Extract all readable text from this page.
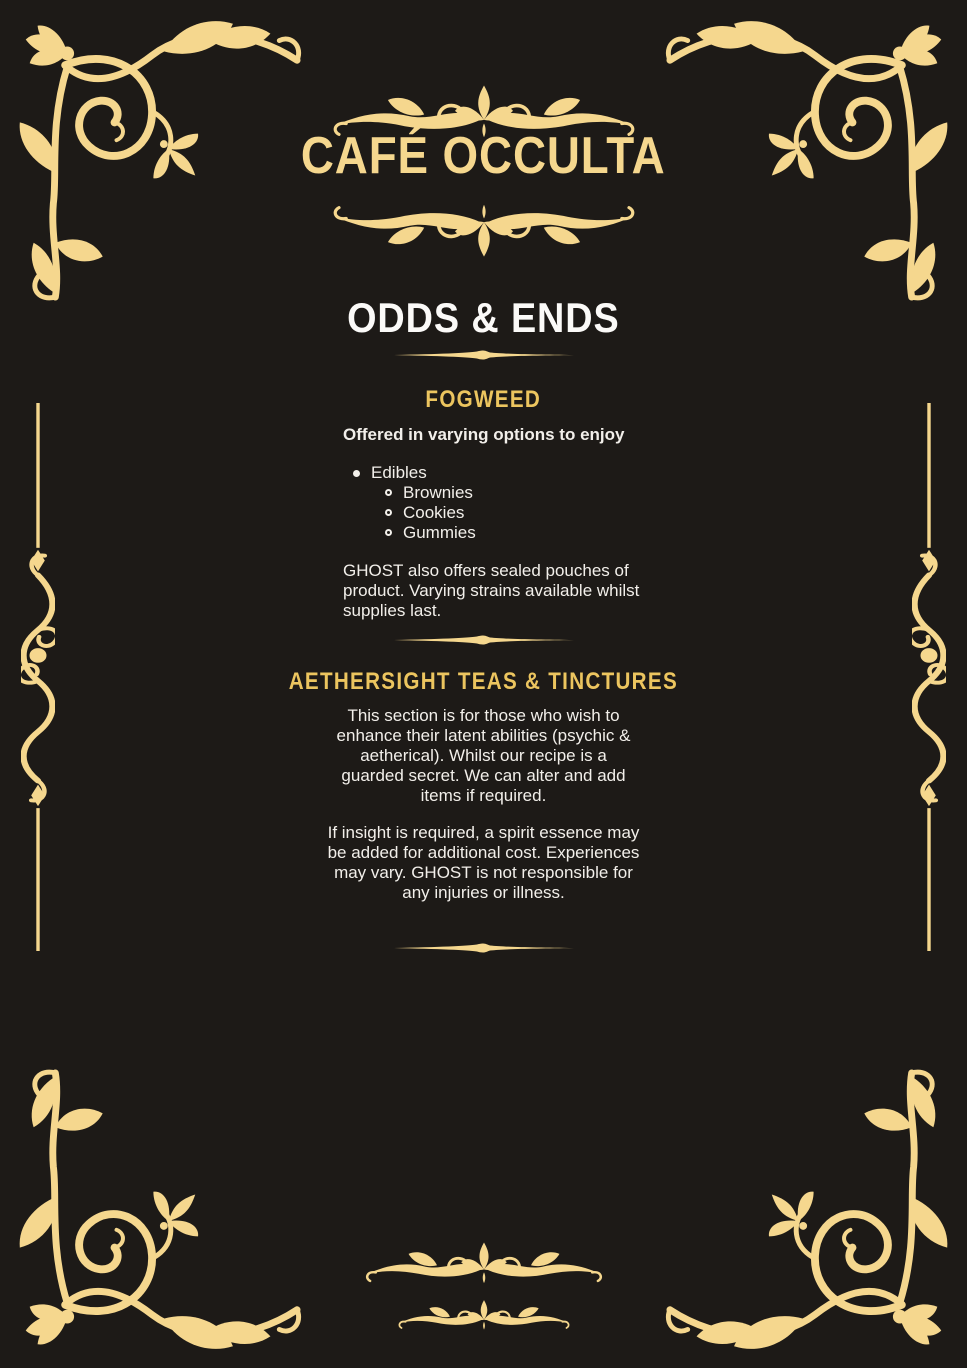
CAFÉ OCCULTA
ODDS & ENDS
FOGWEED

Offered in varying options to enjoy

Edibles
Brownies
Cookies
Gummies

GHOST also offers sealed pouches of product. Varying strains available whilst supplies last.

AETHERSIGHT TEAS & TINCTURES

This section is for those who wish to enhance their latent abilities (psychic & aetherical). Whilst our recipe is a guarded secret. We can alter and add items if required.

If insight is required, a spirit essence may be added for additional cost. Experiences may vary. GHOST is not responsible for any injuries or illness.
